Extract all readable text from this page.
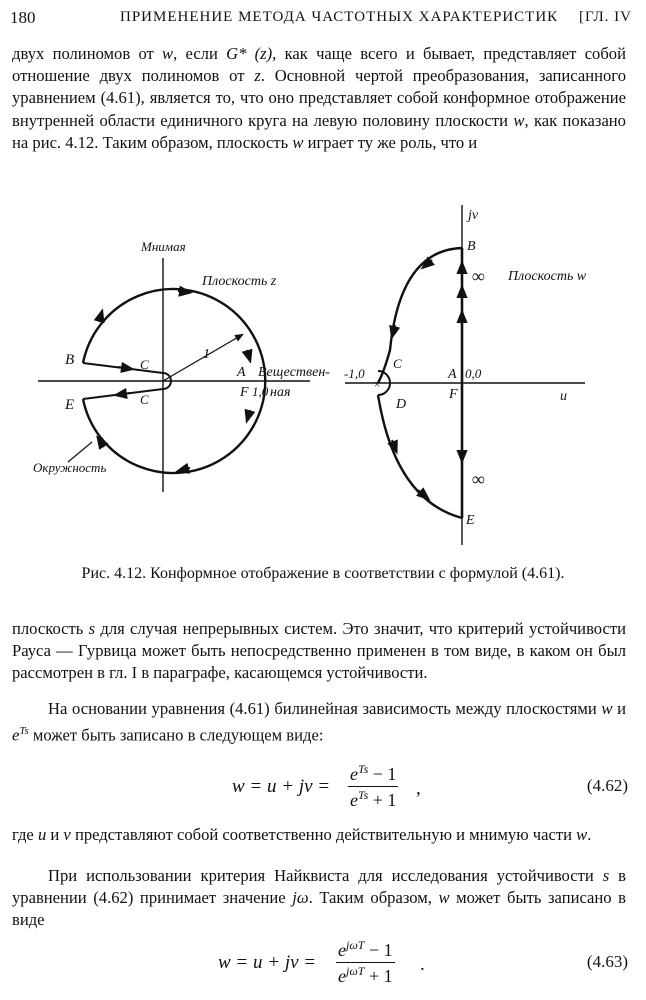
180	ПРИМЕНЕНИЕ МЕТОДА ЧАСТОТНЫХ ХАРАКТЕРИСТИК [ГЛ. IV

двух полиномов от w, если G* (z), как чаще всего и бывает, представляет собой отношение двух полиномов от z. Основной чертой преобразования, записанного уравнением (4.61), является то, что оно представляет собой конформное отображение внутренней области единичного круга на левую половину плоскости w, как показано на рис. 4.12. Таким образом, плоскость w играет ту же роль, что и

Мнимая
Плоскость z
Веществен-
ная
Окружность
1
1,0
A
F
B
E
C
C
×
jv
u
Плоскость w
-1,0	0,0
∞
∞
A
B
C
D
E
F
Рис. 4.12. Конформное отображение в соответствии с формулой (4.61).

плоскость s для случая непрерывных систем. Это значит, что критерий устойчивости Рауса — Гурвица может быть непосредственно применен в том виде, в каком он был рассмотрен в гл. I в параграфе, касающемся устойчивости.

На основании уравнения (4.61) билинейная зависимость между плоскостями w и $e^{Ts}$ может быть записано в следующем виде:

w = u + jv =
$e^{Ts} - 1$
$e^{Ts} + 1$
,	(4.62)

где u и v представляют собой соответственно действительную и мнимую части w.

При использовании критерия Найквиста для исследования устойчивости s в уравнении (4.62) принимает значение jω. Таким образом, w может быть записано в виде

w = u + jv =
$e^{j\omega T} - 1$
$e^{j\omega T} + 1$
.	(4.63)
